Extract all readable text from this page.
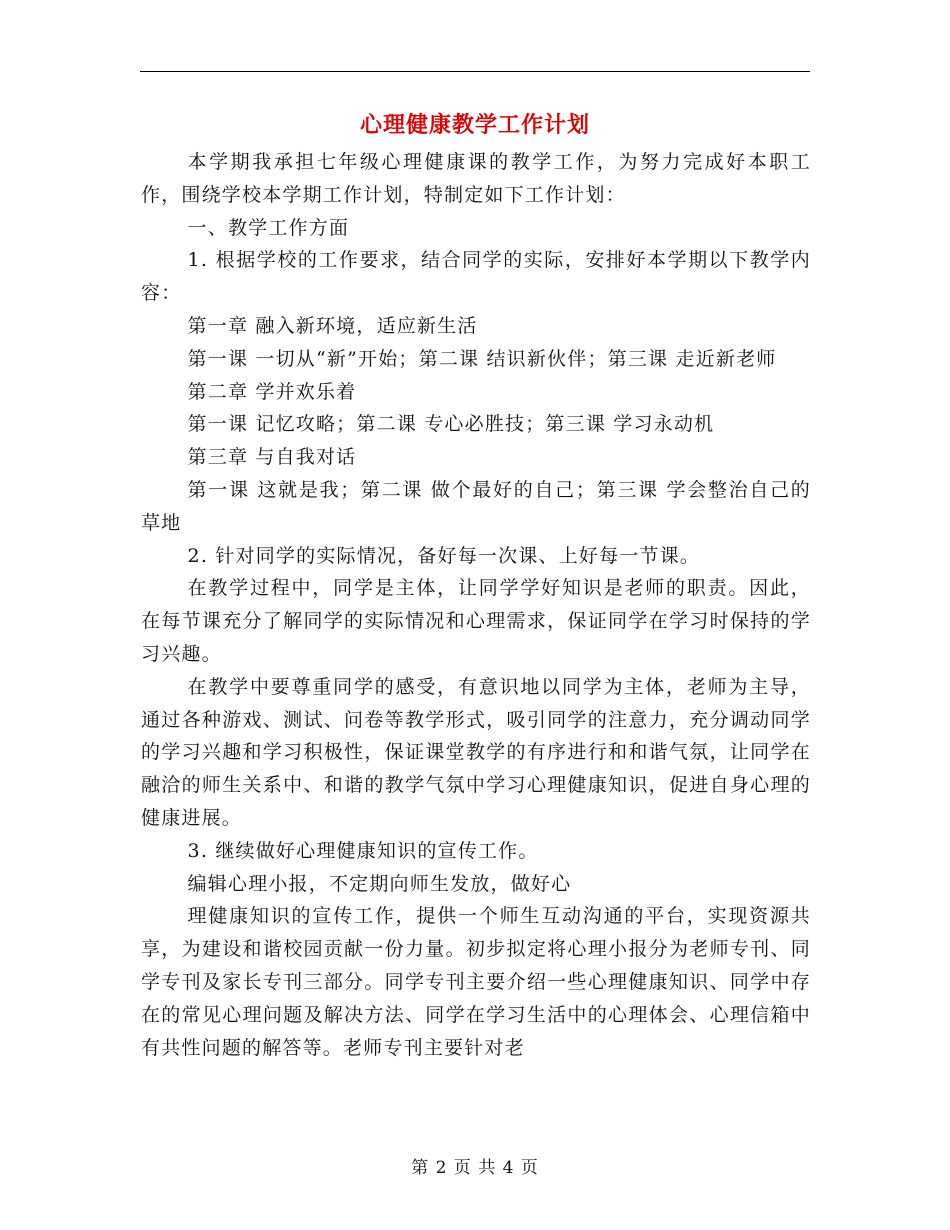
心理健康教学工作计划

本学期我承担七年级心理健康课的教学工作，为努力完成好本职工作，围绕学校本学期工作计划，特制定如下工作计划：

一、教学工作方面

1. 根据学校的工作要求，结合同学的实际，安排好本学期以下教学内容：

第一章 融入新环境，适应新生活

第一课 一切从“新”开始；第二课 结识新伙伴；第三课 走近新老师

第二章 学并欢乐着

第一课 记忆攻略；第二课 专心必胜技；第三课 学习永动机

第三章 与自我对话

第一课 这就是我；第二课 做个最好的自己；第三课 学会整治自己的草地

2. 针对同学的实际情况，备好每一次课、上好每一节课。

在教学过程中，同学是主体，让同学学好知识是老师的职责。因此，在每节课充分了解同学的实际情况和心理需求，保证同学在学习时保持的学习兴趣。

在教学中要尊重同学的感受，有意识地以同学为主体，老师为主导，通过各种游戏、测试、问卷等教学形式，吸引同学的注意力，充分调动同学的学习兴趣和学习积极性，保证课堂教学的有序进行和和谐气氛，让同学在融洽的师生关系中、和谐的教学气氛中学习心理健康知识，促进自身心理的健康进展。

3. 继续做好心理健康知识的宣传工作。

编辑心理小报，不定期向师生发放，做好心

理健康知识的宣传工作，提供一个师生互动沟通的平台，实现资源共享，为建设和谐校园贡献一份力量。初步拟定将心理小报分为老师专刊、同学专刊及家长专刊三部分。同学专刊主要介绍一些心理健康知识、同学中存在的常见心理问题及解决方法、同学在学习生活中的心理体会、心理信箱中有共性问题的解答等。老师专刊主要针对老

第 2 页 共 4 页
